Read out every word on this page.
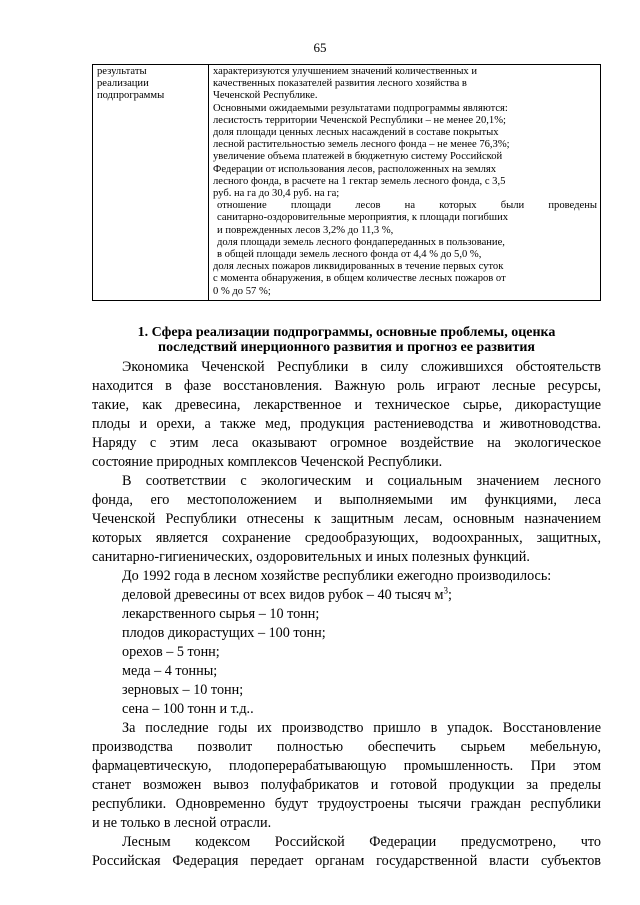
65
результаты
реализации
подпрограммы

характеризуются улучшением значений количественных и
качественных показателей развития лесного хозяйства в
Чеченской Республике.
Основными ожидаемыми результатами подпрограммы являются:
лесистость территории Чеченской Республики – не менее 20,1%;
доля площади ценных лесных насаждений в составе покрытых
лесной растительностью земель лесного фонда – не менее 76,3%;
увеличение объема платежей в бюджетную систему Российской
Федерации от использования лесов, расположенных на землях
лесного фонда, в расчете на 1 гектар земель лесного фонда, с 3,5
руб. на га до 30,4 руб. на га;
отношение площади лесов на которых были проведены
санитарно-оздоровительные мероприятия, к площади погибших
и поврежденных лесов 3,2% до 11,3 %,
доля площади земель лесного фондапереданных в пользование,
в общей площади земель лесного фонда от 4,4 % до 5,0 %,
доля лесных пожаров ликвидированных в течение первых суток
с момента обнаружения, в общем количестве лесных пожаров от
0 % до 57 %;
1. Сфера реализации подпрограммы, основные проблемы, оценка
последствий инерционного развития и прогноз ее развития
Экономика Чеченской Республики в силу сложившихся обстоятельств
находится в фазе восстановления. Важную роль играют лесные ресурсы,
такие, как древесина, лекарственное и техническое сырье, дикорастущие
плоды и орехи, а также мед, продукция растениеводства и животноводства.
Наряду с этим леса оказывают огромное воздействие на экологическое
состояние природных комплексов Чеченской Республики.
В соответствии с экологическим и социальным значением лесного
фонда, его местоположением и выполняемыми им функциями, леса
Чеченской Республики отнесены к защитным лесам, основным назначением
которых является сохранение средообразующих, водоохранных, защитных,
санитарно-гигиенических, оздоровительных и иных полезных функций.
До 1992 года в лесном хозяйстве республики ежегодно производилось:
деловой древесины от всех видов рубок – 40 тысяч $м^3$;
лекарственного сырья – 10 тонн;
плодов дикорастущих – 100 тонн;
орехов – 5 тонн;
меда – 4 тонны;
зерновых – 10 тонн;
сена – 100 тонн и т.д..
За последние годы их производство пришло в упадок. Восстановление
производства позволит полностью обеспечить сырьем мебельную,
фармацевтическую, плодоперерабатывающую промышленность. При этом
станет возможен вывоз полуфабрикатов и готовой продукции за пределы
республики. Одновременно будут трудоустроены тысячи граждан республики
и не только в лесной отрасли.
Лесным кодексом Российской Федерации предусмотрено, что
Российская Федерация передает органам государственной власти субъектов
